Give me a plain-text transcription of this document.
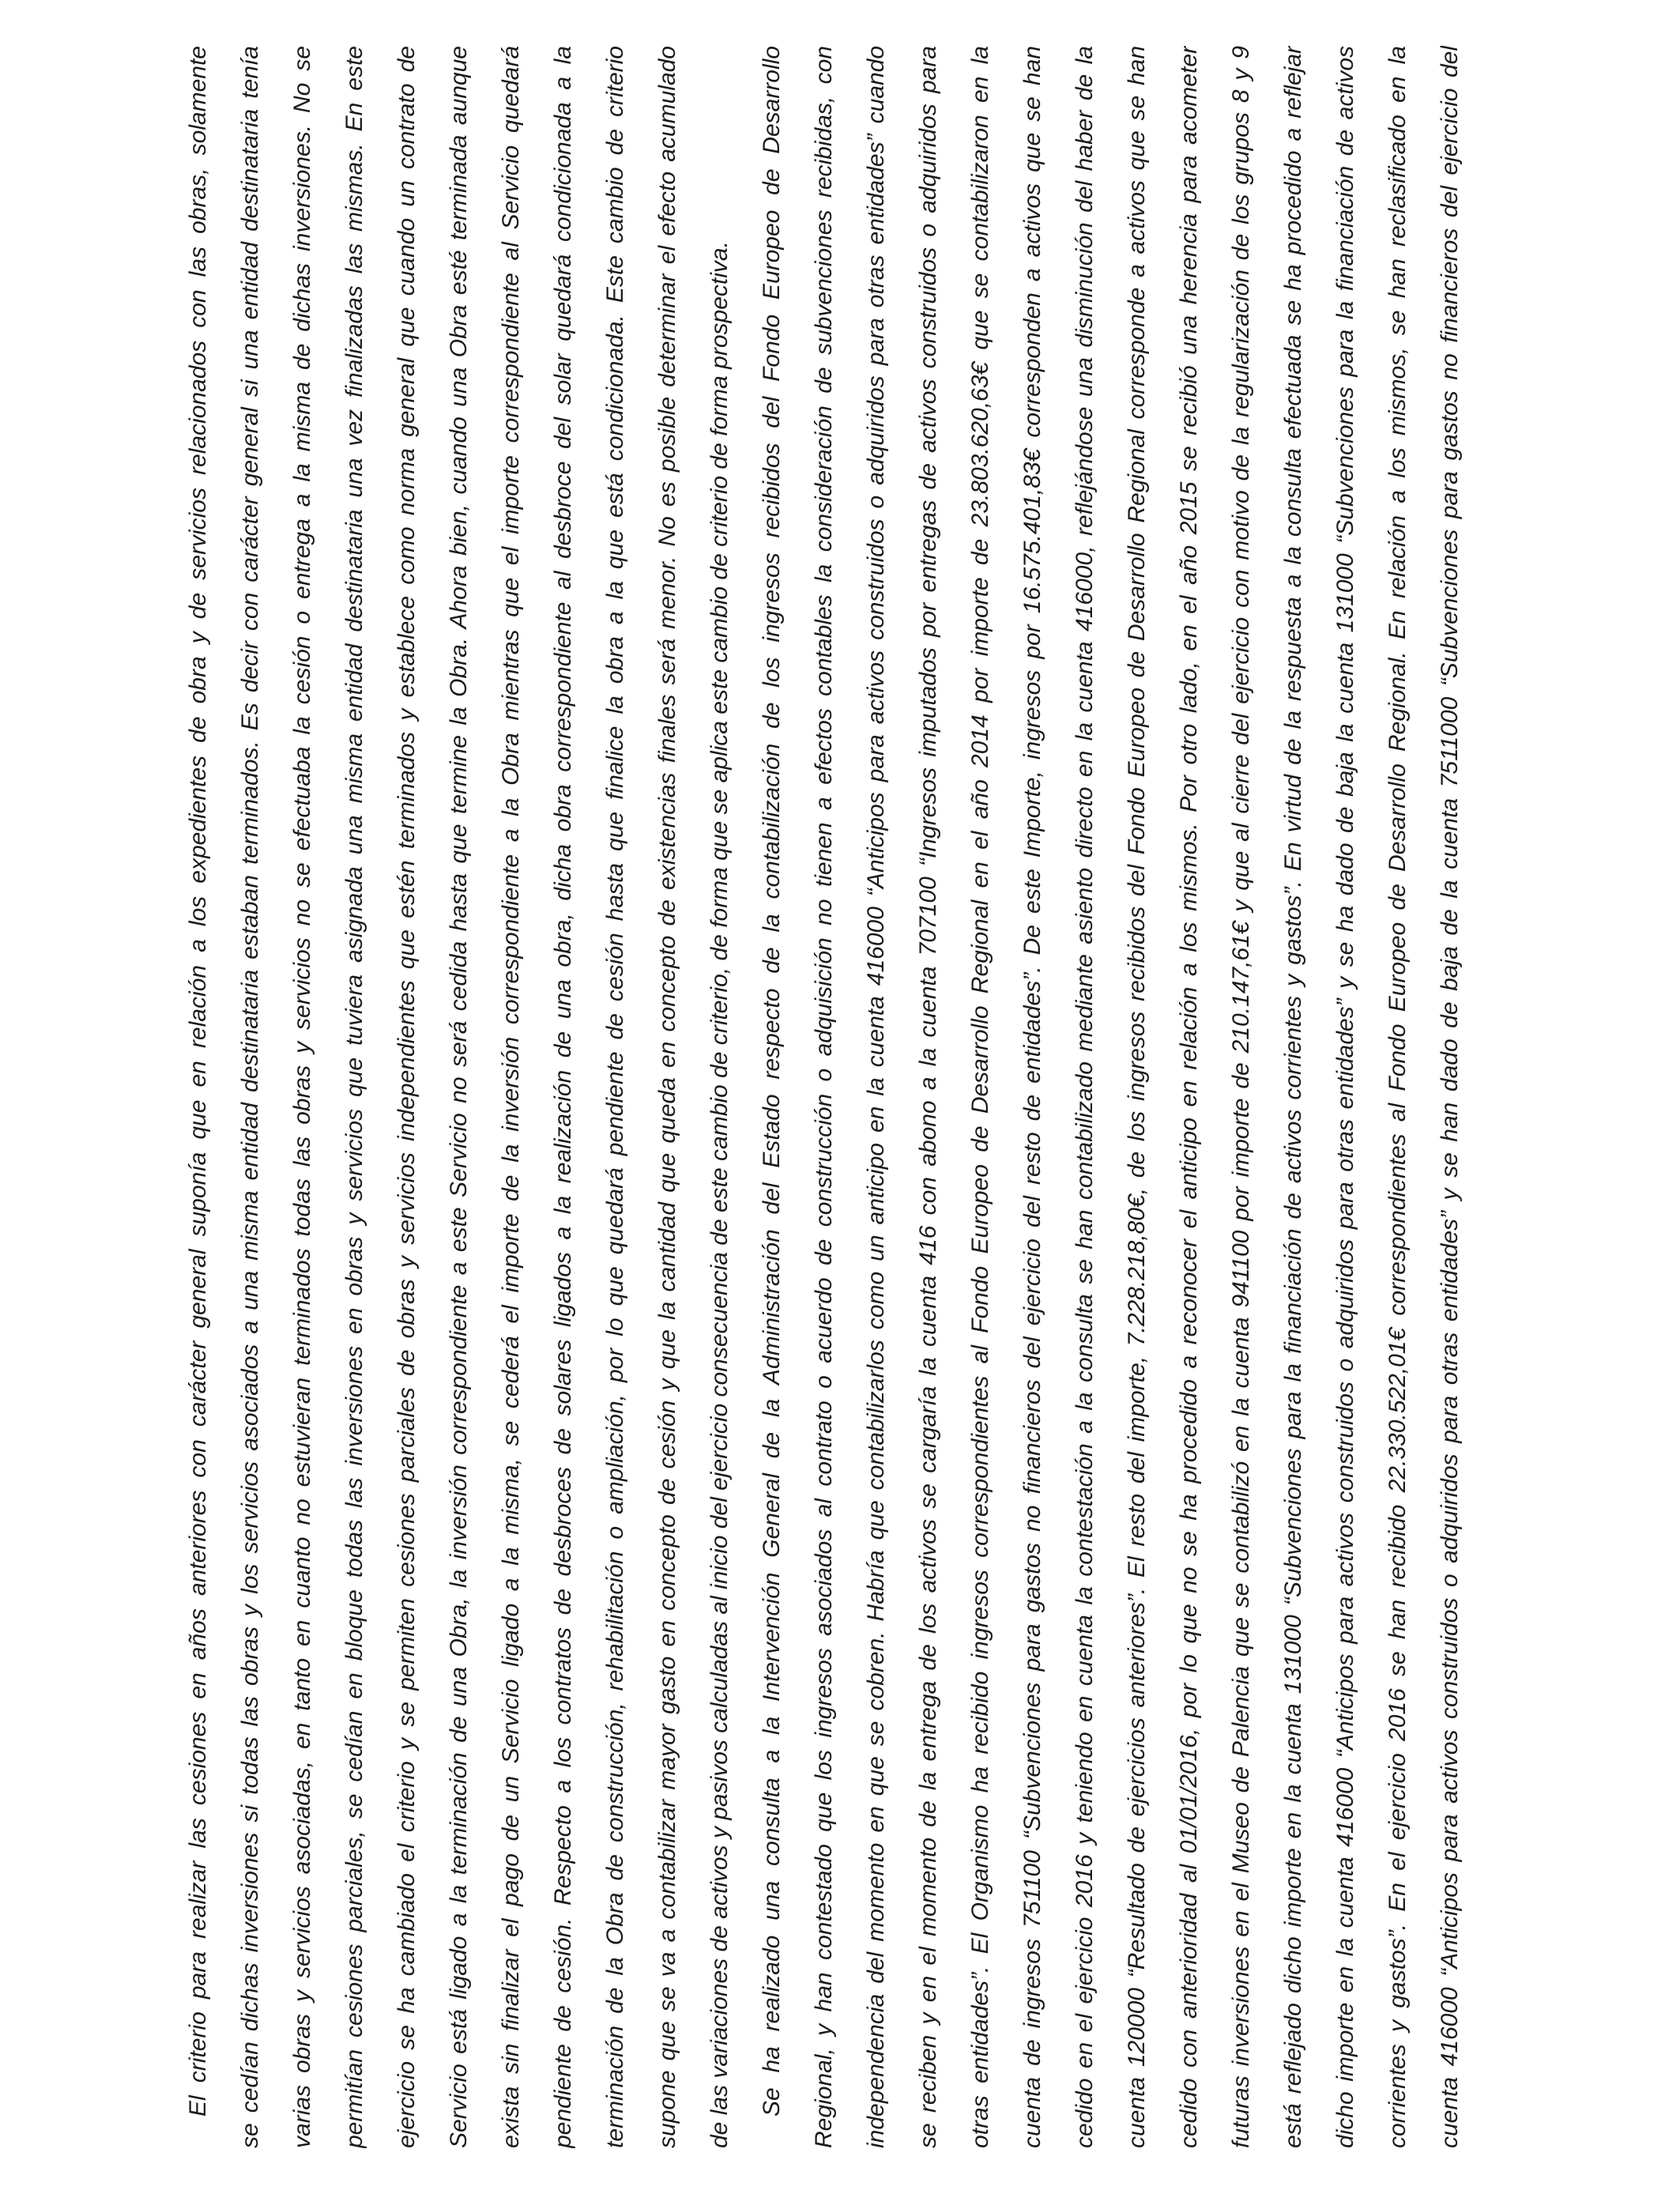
El criterio para realizar las cesiones en años anteriores con carácter general suponía que en relación a los expedientes de obra y de servicios relacionados con las obras, solamente	se cedían dichas inversiones si todas las obras y los servicios asociados a una misma entidad destinataria estaban terminados. Es decir con carácter general si una entidad destinataria tenía	varias obras y servicios asociadas, en tanto en cuanto no estuvieran terminados todas las obras y servicios no se efectuaba la cesión o entrega a la misma de dichas inversiones. No se	permitían cesiones parciales, se cedían en bloque todas las inversiones en obras y servicios que tuviera asignada una misma entidad destinataria una vez finalizadas las mismas. En este	ejercicio se ha cambiado el criterio y se permiten cesiones parciales de obras y servicios independientes que estén terminados y establece como norma general que cuando un contrato de	Servicio está ligado a la terminación de una Obra, la inversión correspondiente a este Servicio no será cedida hasta que termine la Obra. Ahora bien, cuando una Obra esté terminada aunque	exista sin finalizar el pago de un Servicio ligado a la misma, se cederá el importe de la inversión correspondiente a la Obra mientras que el importe correspondiente al Servicio quedará	pendiente de cesión. Respecto a los contratos de desbroces de solares ligados a la realización de una obra, dicha obra correspondiente al desbroce del solar quedará condicionada a la	terminación de la Obra de construcción, rehabilitación o ampliación, por lo que quedará pendiente de cesión hasta que finalice la obra a la que está condicionada. Este cambio de criterio	supone que se va a contabilizar mayor gasto en concepto de cesión y que la cantidad que queda en concepto de existencias finales será menor. No es posible determinar el efecto acumulado	de las variaciones de activos y pasivos calculadas al inicio del ejercicio consecuencia de este cambio de criterio, de forma que se aplica este cambio de criterio de forma prospectiva.	Se ha realizado una consulta a la Intervención General de la Administración del Estado respecto de la contabilización de los ingresos recibidos del Fondo Europeo de Desarrollo	Regional, y han contestado que los ingresos asociados al contrato o acuerdo de construcción o adquisición no tienen a efectos contables la consideración de subvenciones recibidas, con	independencia del momento en que se cobren. Habría que contabilizarlos como un anticipo en la cuenta 416000 “Anticipos para activos construidos o adquiridos para otras entidades” cuando	se reciben y en el momento de la entrega de los activos se cargaría la cuenta 416 con abono a la cuenta 707100 “Ingresos imputados por entregas de activos construidos o adquiridos para	otras entidades”. El Organismo ha recibido ingresos correspondientes al Fondo Europeo de Desarrollo Regional en el año 2014 por importe de 23.803.620,63€ que se contabilizaron en la	cuenta de ingresos 751100 “Subvenciones para gastos no financieros del ejercicio del resto de entidades”. De este Importe, ingresos por 16.575.401,83€ corresponden a activos que se han	cedido en el ejercicio 2016 y teniendo en cuenta la contestación a la consulta se han contabilizado mediante asiento directo en la cuenta 416000, reflejándose una disminución del haber de la	cuenta 120000 “Resultado de ejercicios anteriores”. El resto del importe, 7.228.218,80€, de los ingresos recibidos del Fondo Europeo de Desarrollo Regional corresponde a activos que se han	cedido con anterioridad al 01/01/2016, por lo que no se ha procedido a reconocer el anticipo en relación a los mismos. Por otro lado, en el año 2015 se recibió una herencia para acometer	futuras inversiones en el Museo de Palencia que se contabilizó en la cuenta 941100 por importe de 210.147,61€ y que al cierre del ejercicio con motivo de la regularización de los grupos 8 y 9	está reflejado dicho importe en la cuenta 131000 “Subvenciones para la financiación de activos corrientes y gastos”. En virtud de la respuesta a la consulta efectuada se ha procedido a reflejar	dicho importe en la cuenta 416000 “Anticipos para activos construidos o adquiridos para otras entidades” y se ha dado de baja la cuenta 131000 “Subvenciones para la financiación de activos	corrientes y gastos”. En el ejercicio 2016 se han recibido 22.330.522,01€ correspondientes al Fondo Europeo de Desarrollo Regional. En relación a los mismos, se han reclasificado en la	cuenta 416000 “Anticipos para activos construidos o adquiridos para otras entidades” y se han dado de baja de la cuenta 7511000 “Subvenciones para gastos no financieros del ejercicio del
